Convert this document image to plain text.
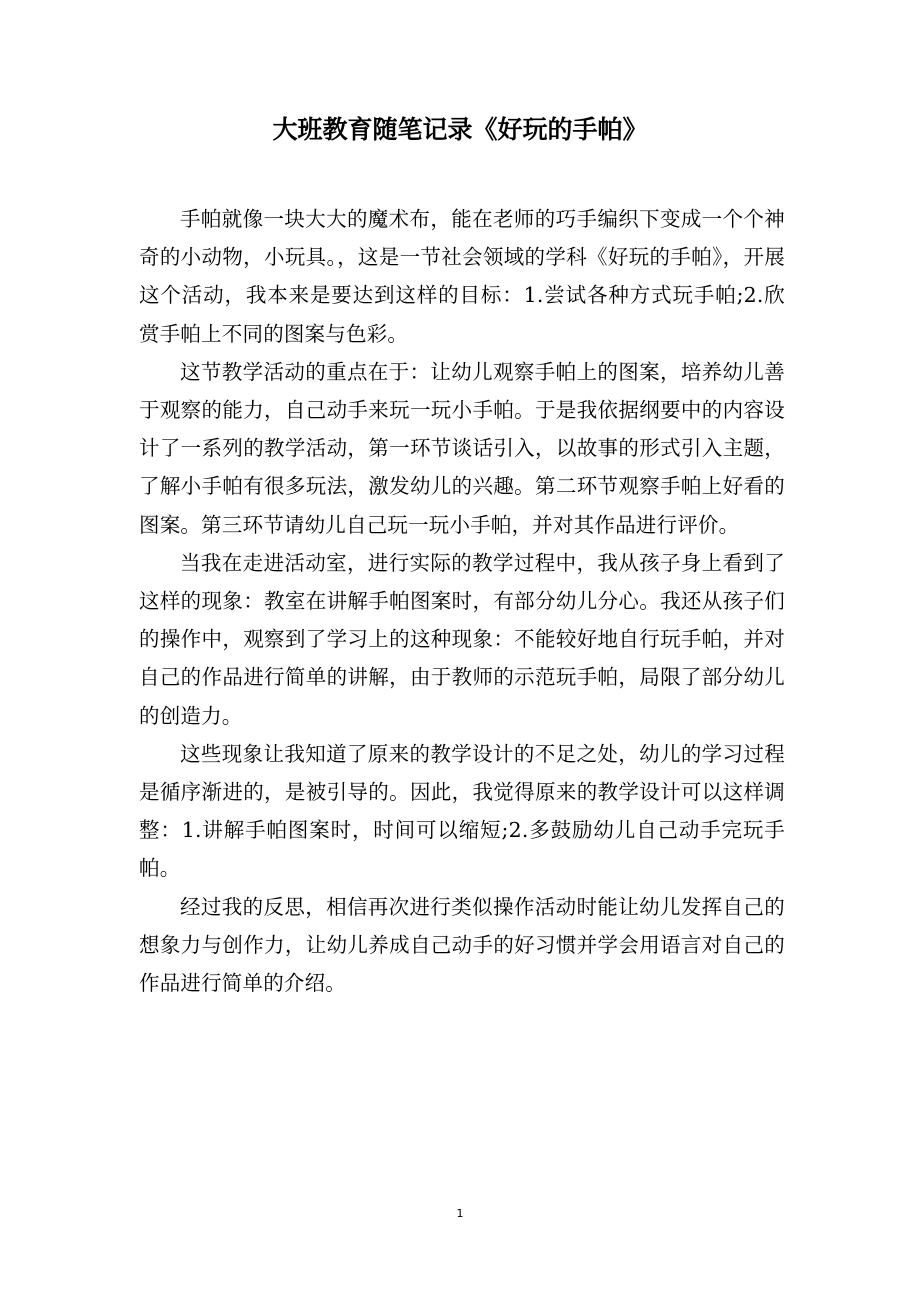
大班教育随笔记录《好玩的手帕》

手帕就像一块大大的魔术布，能在老师的巧手编织下变成一个个神奇的小动物，小玩具。，这是一节社会领域的学科《好玩的手帕》，开展这个活动，我本来是要达到这样的目标：1.尝试各种方式玩手帕;2.欣赏手帕上不同的图案与色彩。

这节教学活动的重点在于：让幼儿观察手帕上的图案，培养幼儿善于观察的能力，自己动手来玩一玩小手帕。于是我依据纲要中的内容设计了一系列的教学活动，第一环节谈话引入，以故事的形式引入主题，了解小手帕有很多玩法，激发幼儿的兴趣。第二环节观察手帕上好看的图案。第三环节请幼儿自己玩一玩小手帕，并对其作品进行评价。

当我在走进活动室，进行实际的教学过程中，我从孩子身上看到了这样的现象：教室在讲解手帕图案时，有部分幼儿分心。我还从孩子们的操作中，观察到了学习上的这种现象：不能较好地自行玩手帕，并对自己的作品进行简单的讲解，由于教师的示范玩手帕，局限了部分幼儿的创造力。

这些现象让我知道了原来的教学设计的不足之处，幼儿的学习过程是循序渐进的，是被引导的。因此，我觉得原来的教学设计可以这样调整：1.讲解手帕图案时，时间可以缩短;2.多鼓励幼儿自己动手完玩手帕。

经过我的反思，相信再次进行类似操作活动时能让幼儿发挥自己的想象力与创作力，让幼儿养成自己动手的好习惯并学会用语言对自己的作品进行简单的介绍。

1
